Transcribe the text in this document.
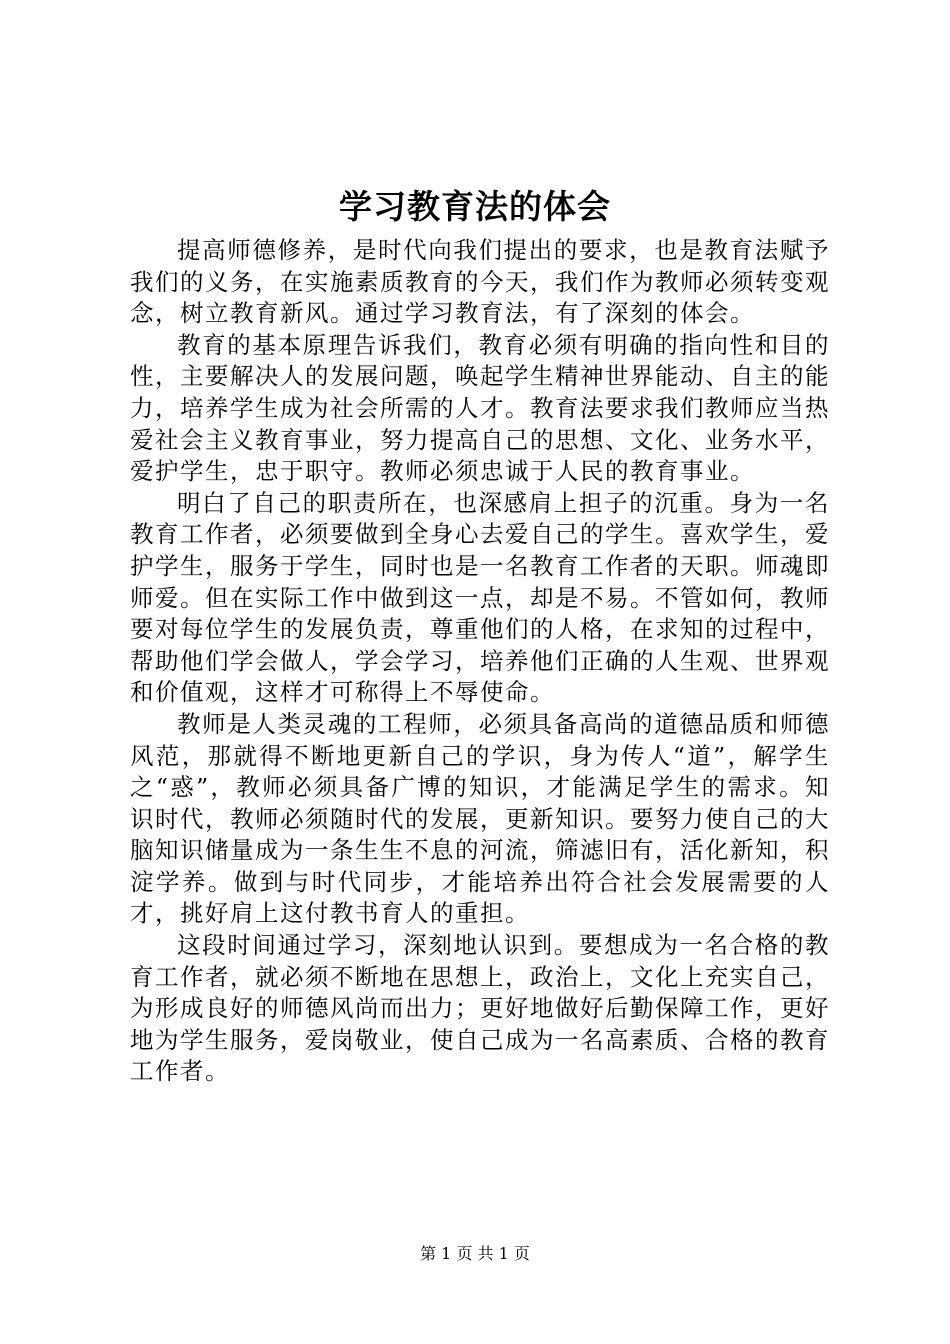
学习教育法的体会

提高师德修养，是时代向我们提出的要求，也是教育法赋予我们的义务，在实施素质教育的今天，我们作为教师必须转变观念，树立教育新风。通过学习教育法，有了深刻的体会。

教育的基本原理告诉我们，教育必须有明确的指向性和目的性，主要解决人的发展问题，唤起学生精神世界能动、自主的能力，培养学生成为社会所需的人才。教育法要求我们教师应当热爱社会主义教育事业，努力提高自己的思想、文化、业务水平，爱护学生，忠于职守。教师必须忠诚于人民的教育事业。

明白了自己的职责所在，也深感肩上担子的沉重。身为一名教育工作者，必须要做到全身心去爱自己的学生。喜欢学生，爱护学生，服务于学生，同时也是一名教育工作者的天职。师魂即师爱。但在实际工作中做到这一点，却是不易。不管如何，教师要对每位学生的发展负责，尊重他们的人格，在求知的过程中，帮助他们学会做人，学会学习，培养他们正确的人生观、世界观和价值观，这样才可称得上不辱使命。

教师是人类灵魂的工程师，必须具备高尚的道德品质和师德风范，那就得不断地更新自己的学识，身为传人“道”，解学生之“惑”，教师必须具备广博的知识，才能满足学生的需求。知识时代，教师必须随时代的发展，更新知识。要努力使自己的大脑知识储量成为一条生生不息的河流，筛滤旧有，活化新知，积淀学养。做到与时代同步，才能培养出符合社会发展需要的人才，挑好肩上这付教书育人的重担。

这段时间通过学习，深刻地认识到。要想成为一名合格的教育工作者，就必须不断地在思想上，政治上，文化上充实自己，为形成良好的师德风尚而出力；更好地做好后勤保障工作，更好地为学生服务，爱岗敬业，使自己成为一名高素质、合格的教育工作者。

第 1 页 共 1 页
